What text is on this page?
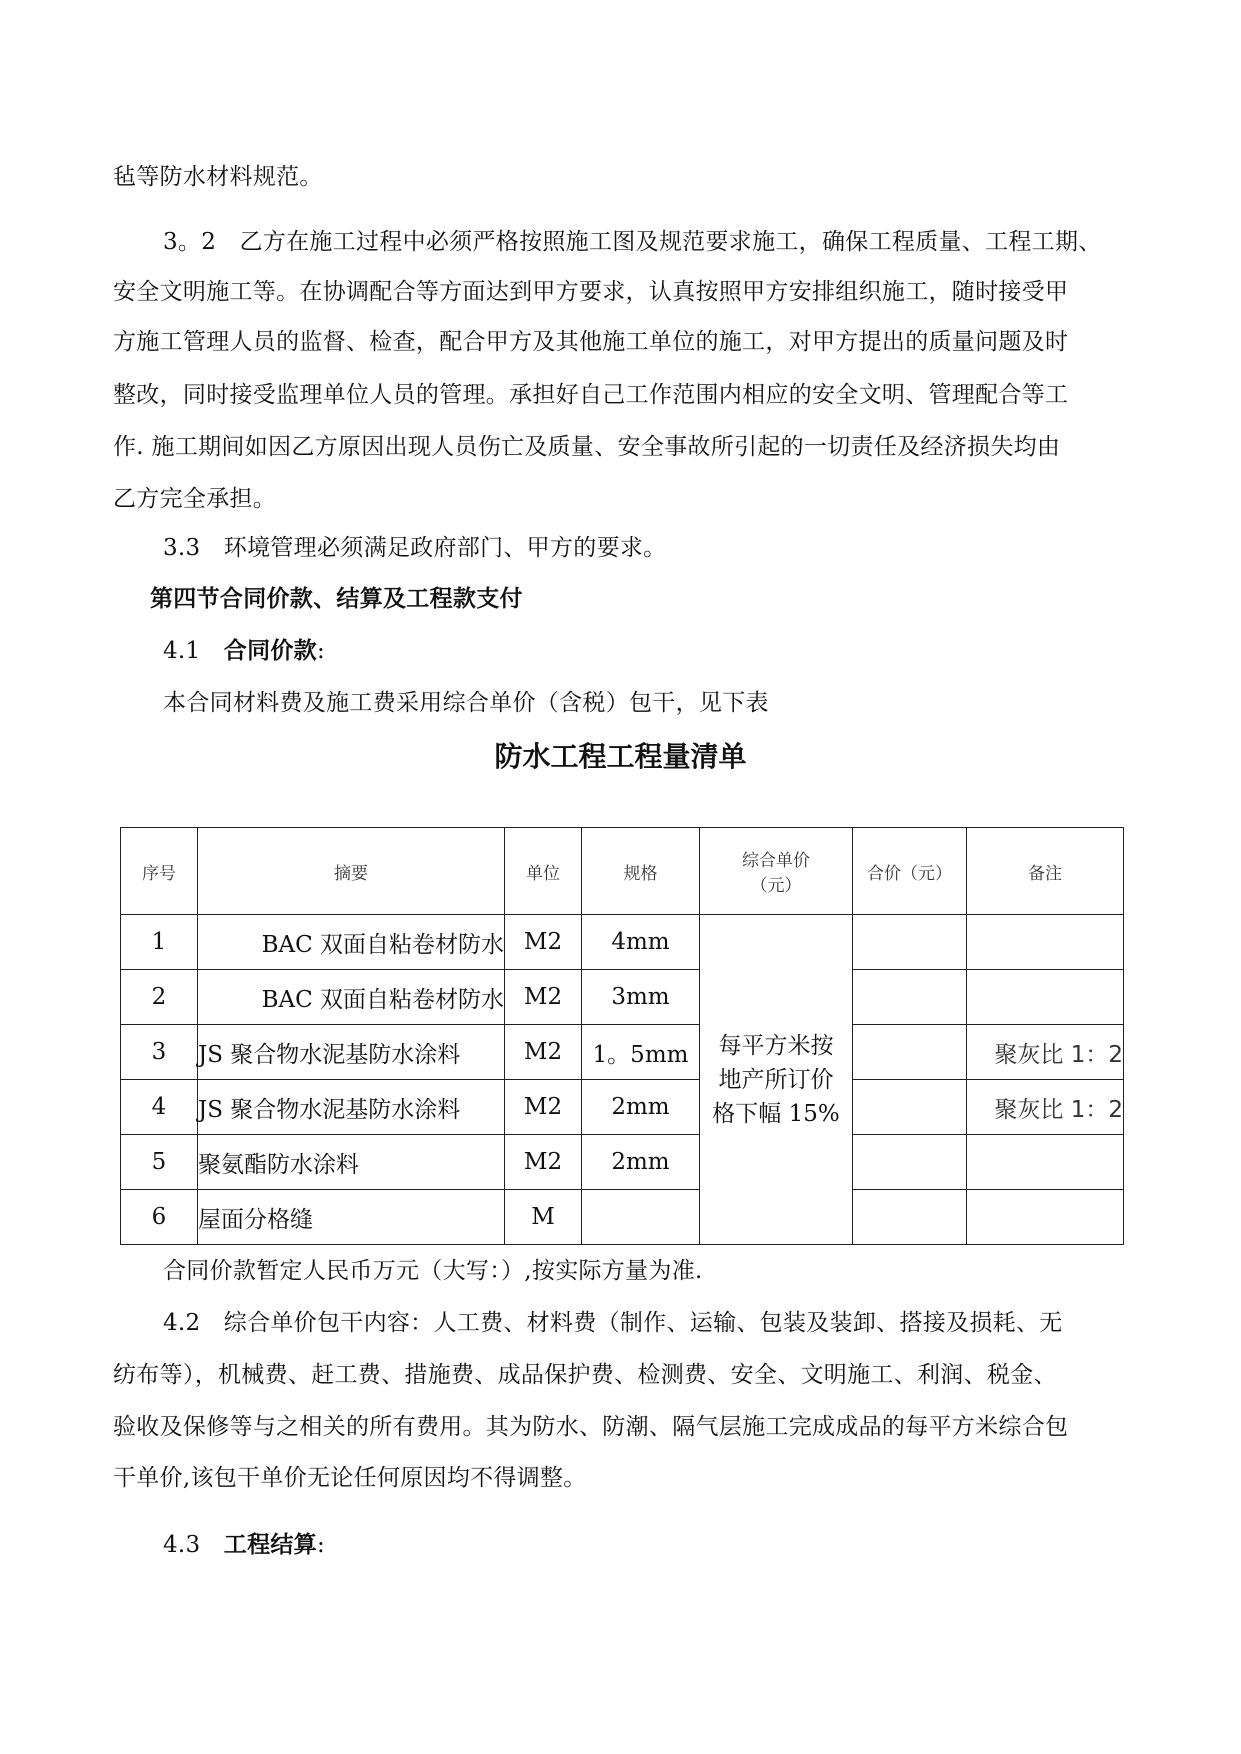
毡等防水材料规范。
3。2　乙方在施工过程中必须严格按照施工图及规范要求施工，确保工程质量、工程工期、
安全文明施工等。在协调配合等方面达到甲方要求，认真按照甲方安排组织施工，随时接受甲
方施工管理人员的监督、检查，配合甲方及其他施工单位的施工，对甲方提出的质量问题及时
整改，同时接受监理单位人员的管理。承担好自己工作范围内相应的安全文明、管理配合等工
作. 施工期间如因乙方原因出现人员伤亡及质量、安全事故所引起的一切责任及经济损失均由
乙方完全承担。
3.3　环境管理必须满足政府部门、甲方的要求。
第四节合同价款、结算及工程款支付
4.1　合同价款:
本合同材料费及施工费采用综合单价（含税）包干，见下表
防水工程工程量清单
序号	摘要	单位	规格	综合单价
（元）	合价（元）	备注
1	BAC 双面自粘卷材防水	M2	4mm	每平方米按
地产所订价
格下幅 15%		
2	BAC 双面自粘卷材防水	M2	3mm			
3	JS 聚合物水泥基防水涂料	M2	1。5mm			聚灰比 1：2
4	JS 聚合物水泥基防水涂料	M2	2mm			聚灰比 1：2
5	聚氨酯防水涂料	M2	2mm			
6	屋面分格缝	M				
合同价款暂定人民币万元（大写：）,按实际方量为准.
4.2　综合单价包干内容：人工费、材料费（制作、运输、包装及装卸、搭接及损耗、无
纺布等），机械费、赶工费、措施费、成品保护费、检测费、安全、文明施工、利润、税金、
验收及保修等与之相关的所有费用。其为防水、防潮、隔气层施工完成成品的每平方米综合包
干单价,该包干单价无论任何原因均不得调整。
4.3　工程结算:
